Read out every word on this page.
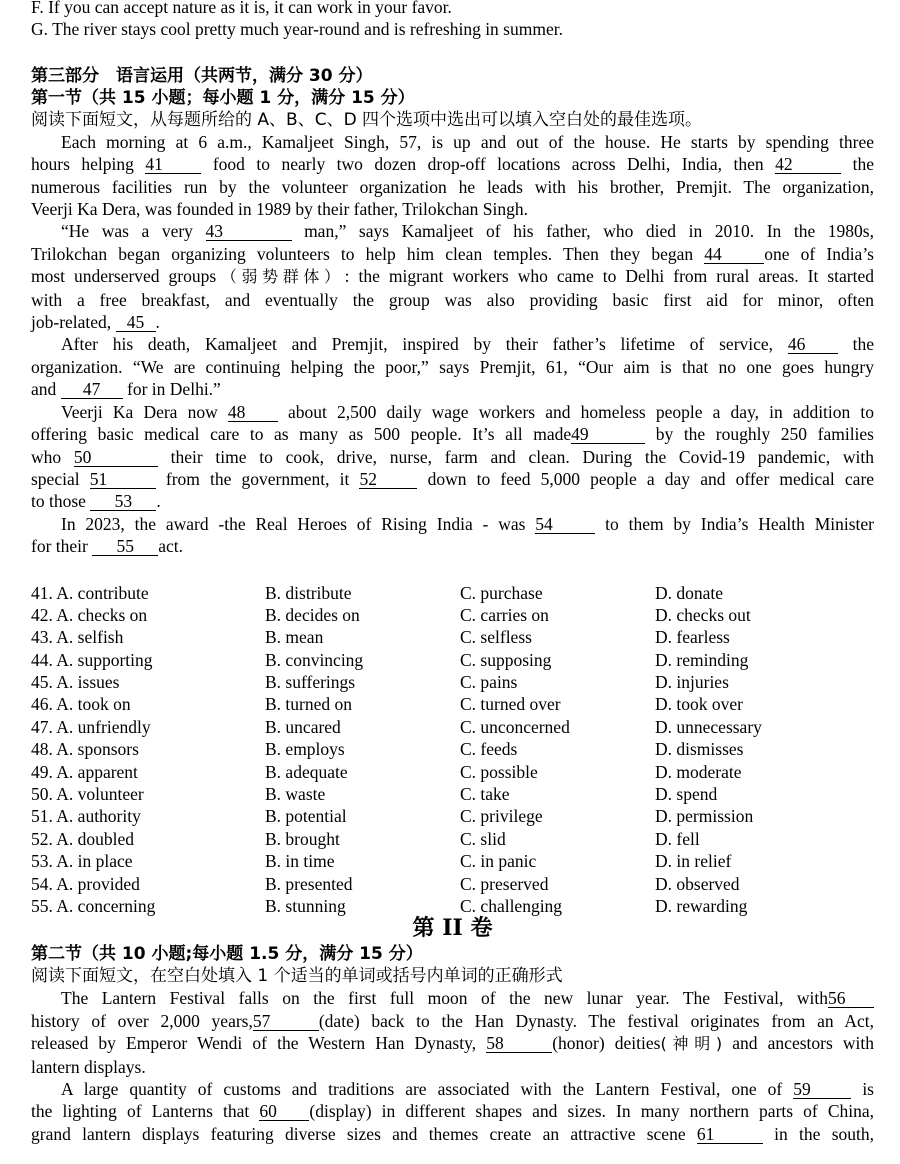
F. If you can accept nature as it is, it can work in your favor.
G. The river stays cool pretty much year-round and is refreshing in summer.
第三部分　语言运用（共两节，满分 30 分）
第一节（共 15 小题；每小题 1 分，满分 15 分）
阅读下面短文，从每题所给的 A、B、C、D 四个选项中选出可以填入空白处的最佳选项。
Each morning at 6 a.m., Kamaljeet Singh, 57, is up and out of the house. He starts by spending three
hours helping 41	food to nearly two dozen drop-off locations across Delhi, India, then 42	the
numerous facilities run by the volunteer organization he leads with his brother, Premjit. The organization,
Veerji Ka Dera, was founded in 1989 by their father, Trilokchan Singh.
“He was a very 43	man,” says Kamaljeet of his father, who died in 2010. In the 1980s,
Trilokchan began organizing volunteers to help him clean temples. Then they began 44 one of India’s
most underserved groups（弱势群体）: the migrant workers who came to Delhi from rural areas. It started
with a free breakfast, and eventually the group was also providing basic first aid for minor, often
job-related, 45 .
After his death, Kamaljeet and Premjit, inspired by their father’s lifetime of service, 46	the
organization. “We are continuing helping the poor,” says Premjit, 61, “Our aim is that no one goes hungry
and 47 for in Delhi.”
Veerji Ka Dera now 48 about 2,500 daily wage workers and homeless people a day, in addition to
offering basic medical care to as many as 500 people. It’s all made49	by the roughly 250 families
who 50	their time to cook, drive, nurse, farm and clean. During the Covid-19 pandemic, with
special 51	from the government, it 52	down to feed 5,000 people a day and offer medical care
to those 53 .
In 2023, the award -the Real Heroes of Rising India - was 54	to them by India’s Health Minister
for their 55 act.
41. A. contribute	B. distribute	C. purchase	D. donate
42. A. checks on	B. decides on	C. carries on	D. checks out
43. A. selfish	B. mean	C. selfless	D. fearless
44. A. supporting	B. convincing	C. supposing	D. reminding
45. A. issues	B. sufferings	C. pains	D. injuries
46. A. took on	B. turned on	C. turned over	D. took over
47. A. unfriendly	B. uncared	C. unconcerned	D. unnecessary
48. A. sponsors	B. employs	C. feeds	D. dismisses
49. A. apparent	B. adequate	C. possible	D. moderate
50. A. volunteer	B. waste	C. take	D. spend
51. A. authority	B. potential	C. privilege	D. permission
52. A. doubled	B. brought	C. slid	D. fell
53. A. in place	B. in time	C. in panic	D. in relief
54. A. provided	B. presented	C. preserved	D. observed
55. A. concerning	B. stunning	C. challenging	D. rewarding
第 II 卷
第二节（共 10 小题;每小题 1.5 分，满分 15 分）
阅读下面短文，在空白处填入 1 个适当的单词或括号内单词的正确形式
The Lantern Festival falls on the first full moon of the new lunar year. The Festival, with56
history of over 2,000 years,57	(date) back to the Han Dynasty. The festival originates from an Act,
released by Emperor Wendi of the Western Han Dynasty, 58	(honor) deities(神明) and ancestors with
lantern displays.
A large quantity of customs and traditions are associated with the Lantern Festival, one of 59	is
the lighting of Lanterns that 60 (display) in different shapes and sizes. In many northern parts of China,
grand lantern displays featuring diverse sizes and themes create an attractive scene 61	in the south,
